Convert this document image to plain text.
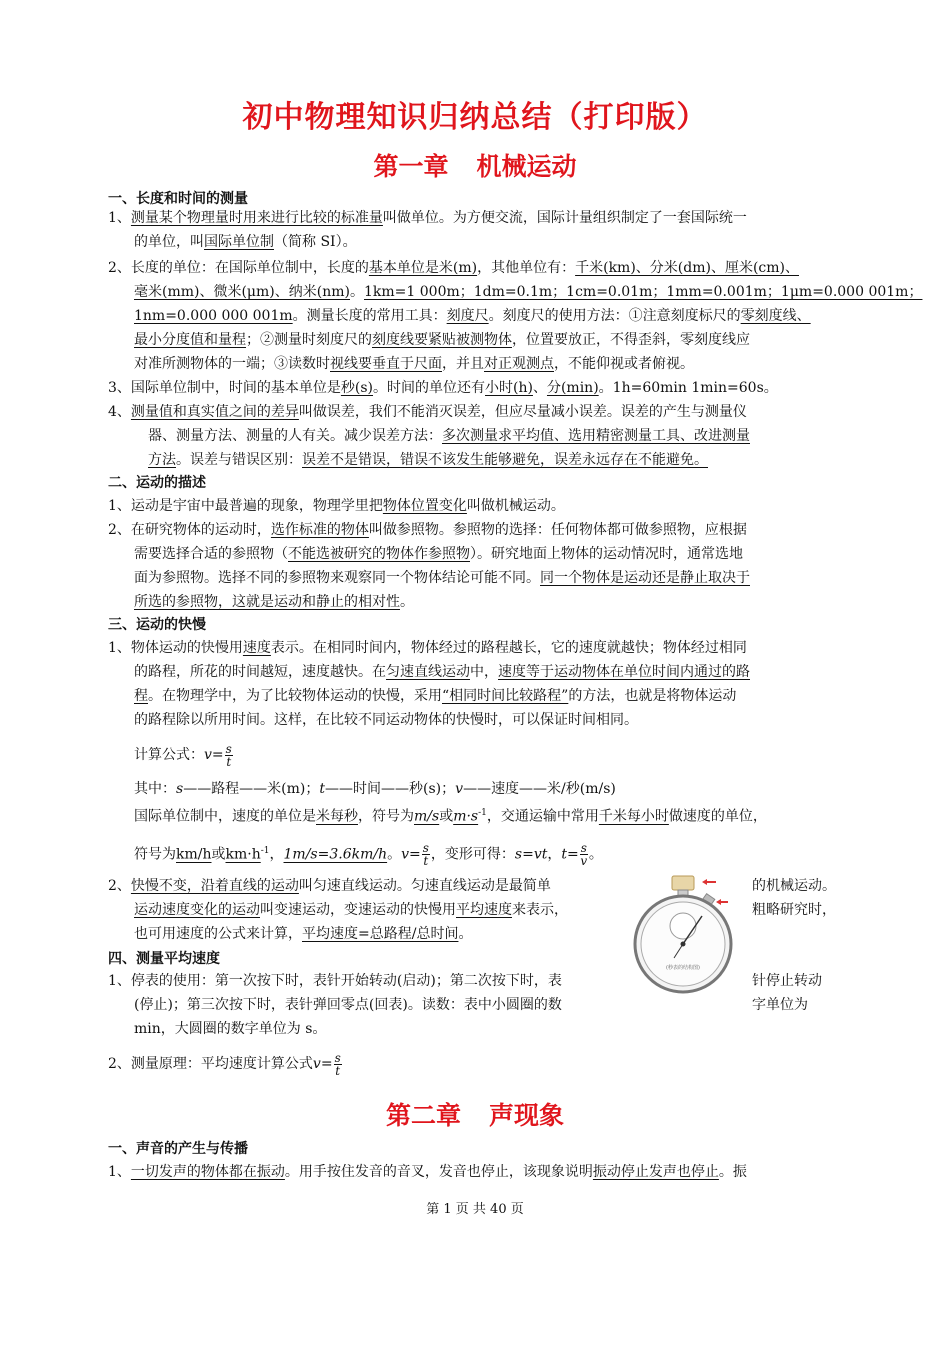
初中物理知识归纳总结（打印版）
第一章 机械运动
一、长度和时间的测量
1、测量某个物理量时用来进行比较的标准量叫做单位。为方便交流，国际计量组织制定了一套国际统一
的单位，叫国际单位制（简称 SI）。
2、长度的单位：在国际单位制中，长度的基本单位是米(m)，其他单位有：千米(km)、分米(dm)、厘米(cm)、
毫米(mm)、微米(μm)、纳米(nm)。1km=1 000m；1dm=0.1m；1cm=0.01m；1mm=0.001m；1μm=0.000 001m；
1nm=0.000 000 001m。测量长度的常用工具：刻度尺。刻度尺的使用方法：①注意刻度标尺的零刻度线、
最小分度值和量程；②测量时刻度尺的刻度线要紧贴被测物体，位置要放正，不得歪斜，零刻度线应
对准所测物体的一端；③读数时视线要垂直于尺面，并且对正观测点，不能仰视或者俯视。
3、国际单位制中，时间的基本单位是秒(s)。时间的单位还有小时(h)、分(min)。1h=60min 1min=60s。
4、测量值和真实值之间的差异叫做误差，我们不能消灭误差，但应尽量减小误差。误差的产生与测量仪
器、测量方法、测量的人有关。减少误差方法：多次测量求平均值、选用精密测量工具、改进测量
方法。误差与错误区别：误差不是错误，错误不该发生能够避免，误差永远存在不能避免。
二、运动的描述
1、运动是宇宙中最普遍的现象，物理学里把物体位置变化叫做机械运动。
2、在研究物体的运动时，选作标准的物体叫做参照物。参照物的选择：任何物体都可做参照物，应根据
需要选择合适的参照物（不能选被研究的物体作参照物）。研究地面上物体的运动情况时，通常选地
面为参照物。选择不同的参照物来观察同一个物体结论可能不同。同一个物体是运动还是静止取决于
所选的参照物，这就是运动和静止的相对性。
三、运动的快慢
1、物体运动的快慢用速度表示。在相同时间内，物体经过的路程越长，它的速度就越快；物体经过相同
的路程，所花的时间越短，速度越快。在匀速直线运动中，速度等于运动物体在单位时间内通过的路
程。在物理学中，为了比较物体运动的快慢，采用“相同时间比较路程”的方法，也就是将物体运动
的路程除以所用时间。这样，在比较不同运动物体的快慢时，可以保证时间相同。
计算公式：$v= \frac{s}{t}$
其中：s——路程——米(m)；t——时间——秒(s)；v——速度——米/秒(m/s)
国际单位制中，速度的单位是米每秒，符号为m/s或$m\cdot s^{-1}$，交通运输中常用千米每小时做速度的单位，
符号为km/h或$km\cdot h^{-1}$，1m/s=3.6km/h。$v= \frac{s}{t}$ ，变形可得：s=vt，$t= \frac{s}{v}$ 。
2、快慢不变，沿着直线的运动叫匀速直线运动。匀速直线运动是最简单	的机械运动。
运动速度变化的运动叫变速运动，变速运动的快慢用平均速度来表示，	粗略研究时，
也可用速度的公式来计算，平均速度=总路程/总时间。
四、测量平均速度
1、停表的使用：第一次按下时，表针开始转动(启动)；第二次按下时，表	针停止转动
(停止)；第三次按下时，表针弹回零点(回表)。读数：表中小圆圈的数	字单位为
min，大圆圈的数字单位为 s。
2、测量原理：平均速度计算公式$v= \frac{s}{t}$
(秒表的结构图)
第二章 声现象
一、声音的产生与传播
1、一切发声的物体都在振动。用手按住发音的音叉，发音也停止，该现象说明振动停止发声也停止。振
第 1 页 共 40 页
